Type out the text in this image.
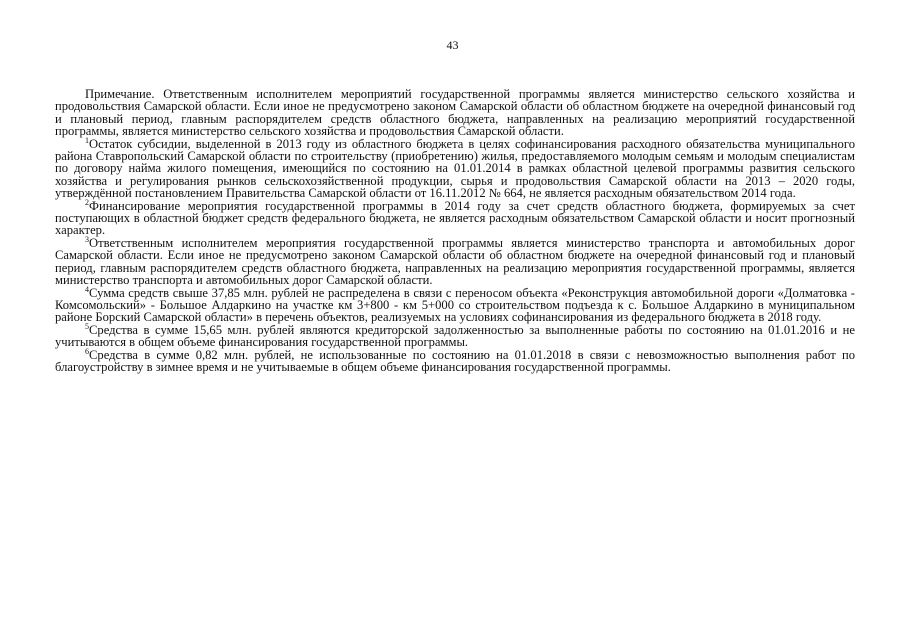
43

Примечание. Ответственным исполнителем мероприятий государственной программы является министерство сельского хозяйства и продовольствия Самарской области. Если иное не предусмотрено законом Самарской области об областном бюджете на очередной финансовый год и плановый период, главным распорядителем средств областного бюджета, направленных на реализацию мероприятий государственной программы, является министерство сельского хозяйства и продовольствия Самарской области.

$^1$Остаток субсидии, выделенной в 2013 году из областного бюджета в целях софинансирования расходного обязательства муниципального района Ставропольский Самарской области по строительству (приобретению) жилья, предоставляемого молодым семьям и молодым специалистам по договору найма жилого помещения, имеющийся по состоянию на 01.01.2014 в рамках областной целевой программы развития сельского хозяйства и регулирования рынков сельскохозяйственной продукции, сырья и продовольствия Самарской области на 2013 – 2020 годы, утверждённой постановлением Правительства Самарской области от 16.11.2012 № 664, не является расходным обязательством 2014 года.

$^2$Финансирование мероприятия государственной программы в 2014 году за счет средств областного бюджета, формируемых за счет поступающих в областной бюджет средств федерального бюджета, не является расходным обязательством Самарской области и носит прогнозный характер.

$^3$Ответственным исполнителем мероприятия государственной программы является министерство транспорта и автомобильных дорог Самарской области. Если иное не предусмотрено законом Самарской области об областном бюджете на очередной финансовый год и плановый период, главным распорядителем средств областного бюджета, направленных на реализацию мероприятия государственной программы, является министерство транспорта и автомобильных дорог Самарской области.

$^4$Сумма средств свыше 37,85 млн. рублей не распределена в связи с переносом объекта «Реконструкция автомобильной дороги «Долматовка - Комсомольский» - Большое Алдаркино на участке км 3+800 - км 5+000 со строительством подъезда к с. Большое Алдаркино в муниципальном районе Борский Самарской области» в перечень объектов, реализуемых на условиях софинансирования из федерального бюджета в 2018 году.

$^5$Средства в сумме 15,65 млн. рублей являются кредиторской задолженностью за выполненные работы по состоянию на 01.01.2016 и не учитываются в общем объеме финансирования государственной программы.

$^6$Средства в сумме 0,82 млн. рублей, не использованные по состоянию на 01.01.2018 в связи с невозможностью выполнения работ по благоустройству в зимнее время и не учитываемые в общем объеме финансирования государственной программы.
